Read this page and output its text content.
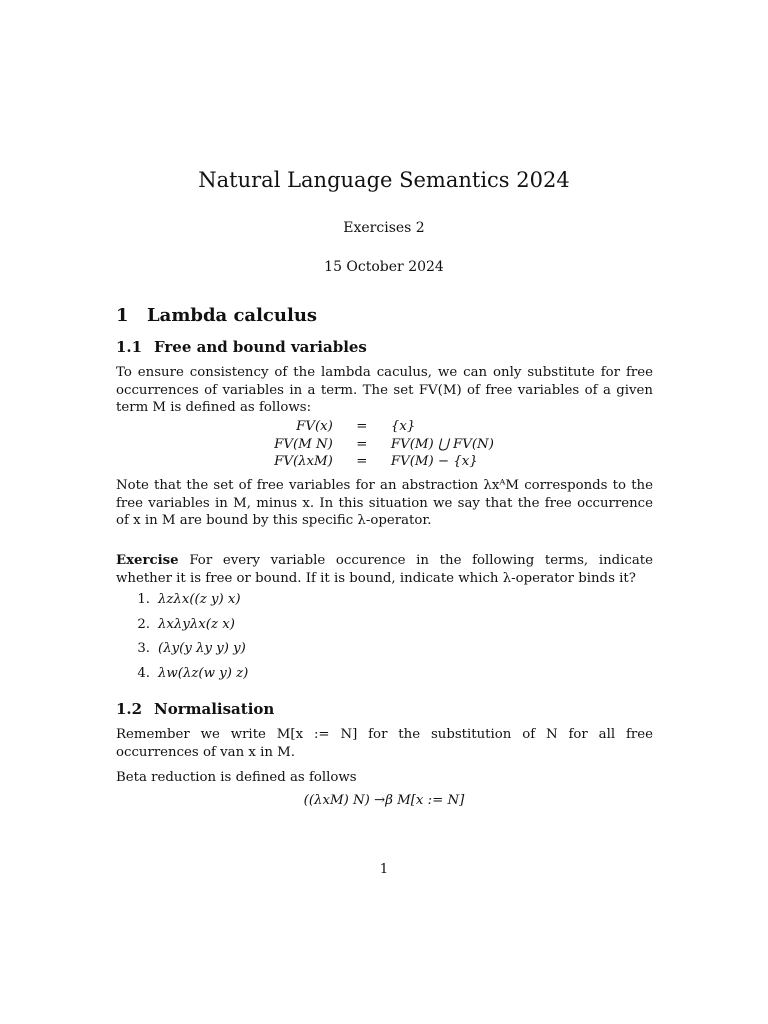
Natural Language Semantics 2024
Exercises 2
15 October 2024
1 Lambda calculus
1.1 Free and bound variables
To ensure consistency of the lambda caculus, we can only substitute for free occurrences of variables in a term. The set FV(M) of free variables of a given term M is defined as follows:
FV(x)	=	{x}
FV(M N)	=	FV(M) ⋃ FV(N)
FV(λxM)	=	FV(M) − {x}
Note that the set of free variables for an abstraction λxᴬM corresponds to the free variables in M, minus x. In this situation we say that the free occurrence of x in M are bound by this specific λ-operator.
Exercise For every variable occurence in the following terms, indicate whether it is free or bound. If it is bound, indicate which λ-operator binds it?
1. λzλx((z y) x)
2. λxλyλx(z x)
3. (λy(y λy y) y)
4. λw(λz(w y) z)
1.2 Normalisation
Remember we write M[x := N] for the substitution of N for all free occurrences of van x in M.
Beta reduction is defined as follows
((λxM) N) →β M[x := N]
1
